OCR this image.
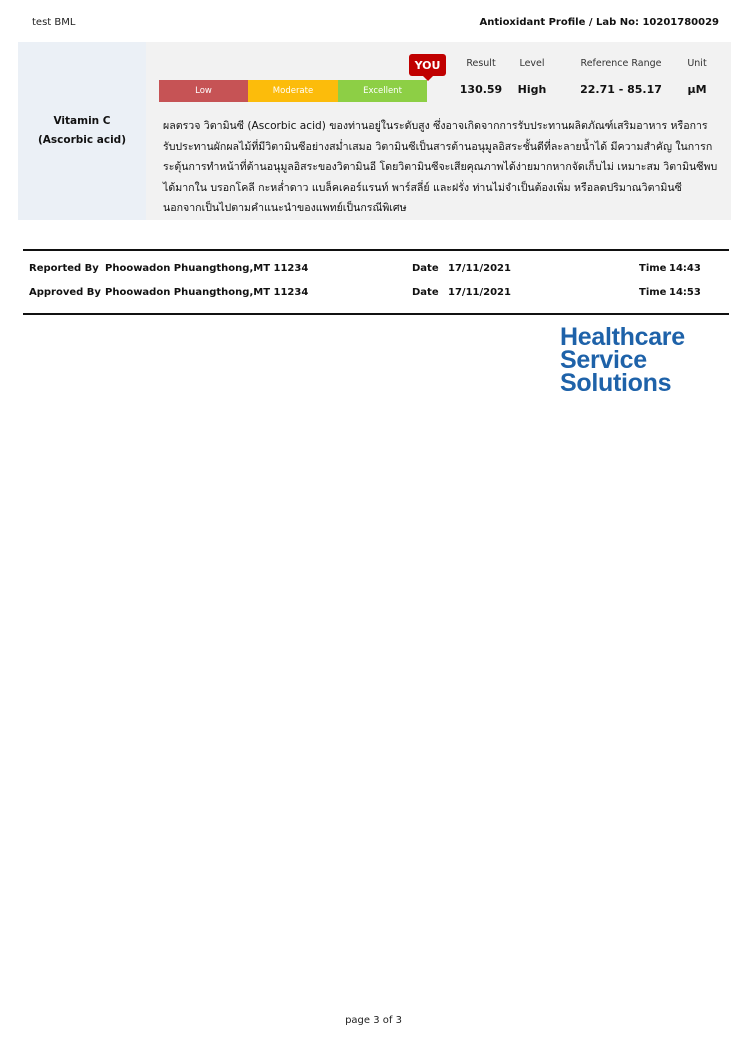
test BML	Antioxidant Profile / Lab No: 10201780029
Vitamin C
(Ascorbic acid)
YOU
Low	Moderate	Excellent
Result	Level	Reference Range	Unit
130.59	High	22.71 - 85.17	µM
ผลตรวจ วิตามินซี (Ascorbic acid) ของท่านอยู่ในระดับสูง ซึ่งอาจเกิดจากการรับประทานผลิตภัณฑ์เสริมอาหาร หรือการ รับประทานผักผลไม้ที่มีวิตามินซีอย่างสม่ำเสมอ วิตามินซีเป็นสารต้านอนุมูลอิสระชั้นดีที่ละลายน้ำได้ มีความสำคัญ ในการกระตุ้นการทำหน้าที่ต้านอนุมูลอิสระของวิตามินอี โดยวิตามินซีจะเสียคุณภาพได้ง่ายมากหากจัดเก็บไม่ เหมาะสม วิตามินซีพบได้มากใน บรอกโคลี กะหล่ำดาว แบล็คเคอร์แรนท์ พาร์สลี่ย์ และฝรั่ง ท่านไม่จำเป็นต้องเพิ่ม หรือลดปริมาณวิตามินซี นอกจากเป็นไปตามคำแนะนำของแพทย์เป็นกรณีพิเศษ
Reported By Phoowadon Phuangthong,MT 11234	Date 17/11/2021	Time 14:43
Approved By Phoowadon Phuangthong,MT 11234	Date 17/11/2021	Time 14:53
Healthcare
Service
Solutions
page 3 of 3
